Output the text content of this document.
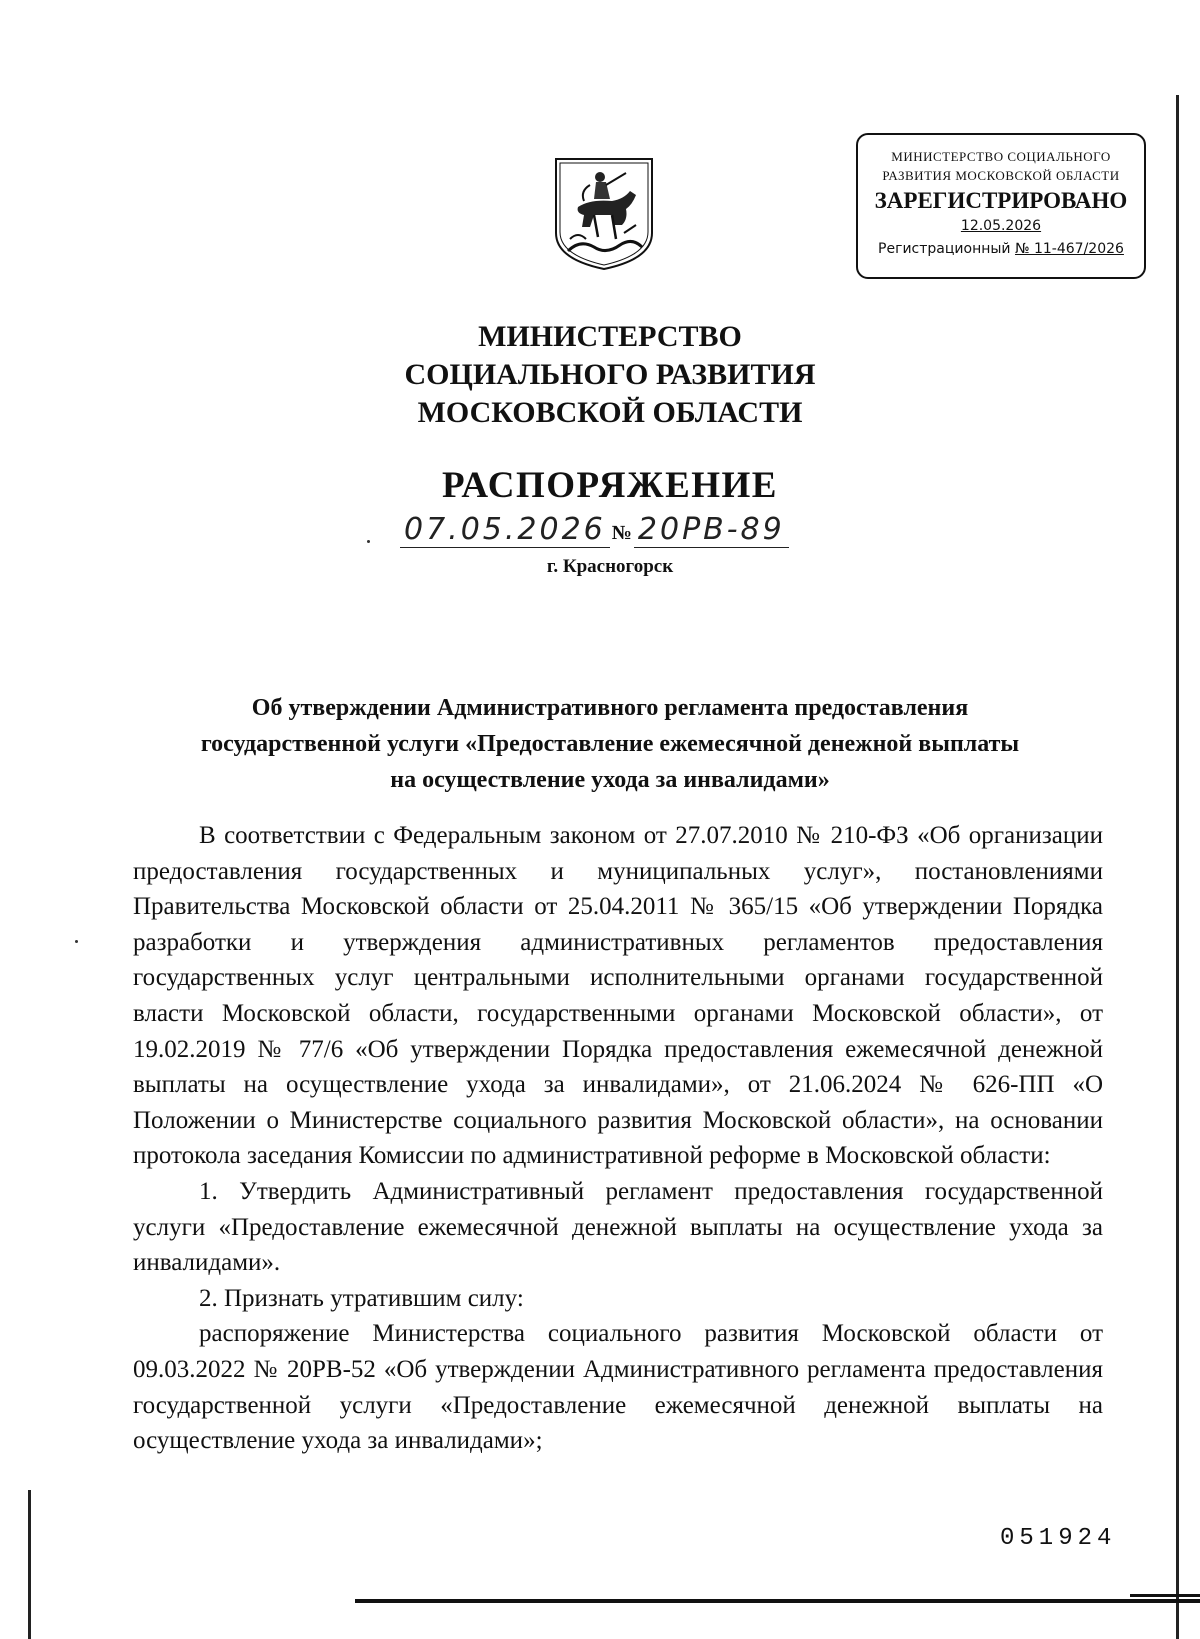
МИНИСТЕРСТВО СОЦИАЛЬНОГО
РАЗВИТИЯ МОСКОВСКОЙ ОБЛАСТИ
ЗАРЕГИСТРИРОВАНО
12.05.2026
Регистрационный № 11-467/2026
МИНИСТЕРСТВО
СОЦИАЛЬНОГО РАЗВИТИЯ
МОСКОВСКОЙ ОБЛАСТИ
РАСПОРЯЖЕНИЕ
07.05.2026 № 20РВ-89
г. Красногорск
Об утверждении Административного регламента предоставления
государственной услуги «Предоставление ежемесячной денежной выплаты
на осуществление ухода за инвалидами»

В соответствии с Федеральным законом от 27.07.2010 № 210-ФЗ «Об организации предоставления государственных и муниципальных услуг», постановлениями Правительства Московской области от 25.04.2011 № 365/15 «Об утверждении Порядка разработки и утверждения административных регламентов предоставления государственных услуг центральными исполнительными органами государственной власти Московской области, государственными органами Московской области», от 19.02.2019 № 77/6 «Об утверждении Порядка предоставления ежемесячной денежной выплаты на осуществление ухода за инвалидами», от 21.06.2024 № 626-ПП «О Положении о Министерстве социального развития Московской области», на основании протокола заседания Комиссии по административной реформе в Московской области:

1. Утвердить Административный регламент предоставления государственной услуги «Предоставление ежемесячной денежной выплаты на осуществление ухода за инвалидами».

2. Признать утратившим силу:

распоряжение Министерства социального развития Московской области от 09.03.2022 № 20РВ-52 «Об утверждении Административного регламента предоставления государственной услуги «Предоставление ежемесячной денежной выплаты на осуществление ухода за инвалидами»;

051924
